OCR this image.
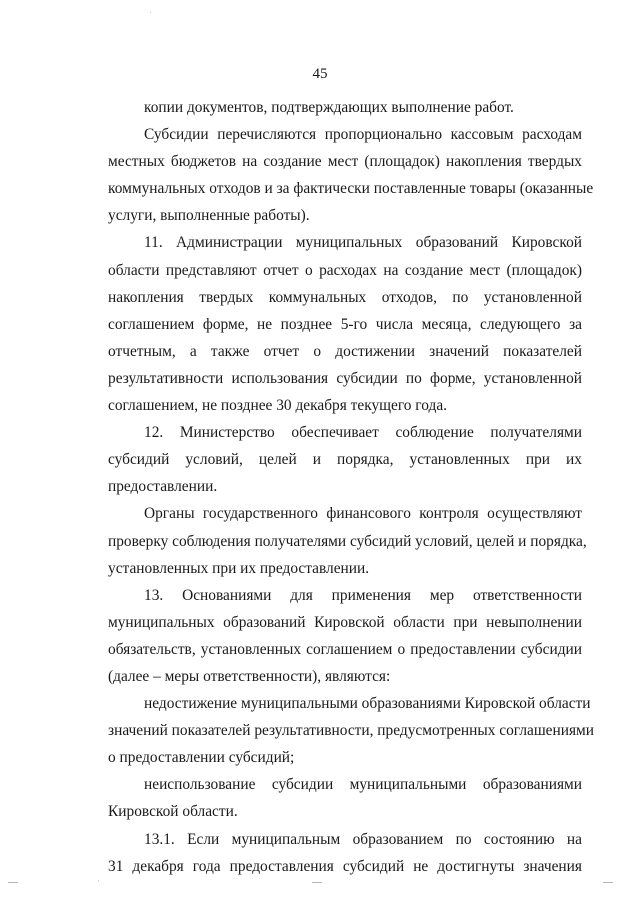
45
копии документов, подтверждающих выполнение работ.
Субсидии перечисляются пропорционально кассовым расходам
местных бюджетов на создание мест (площадок) накопления твердых
коммунальных отходов и за фактически поставленные товары (оказанные
услуги, выполненные работы).
11. Администрации муниципальных образований Кировской
области представляют отчет о расходах на создание мест (площадок)
накопления твердых коммунальных отходов, по установленной
соглашением форме, не позднее 5-го числа месяца, следующего за
отчетным, а также отчет о достижении значений показателей
результативности использования субсидии по форме, установленной
соглашением, не позднее 30 декабря текущего года.
12. Министерство обеспечивает соблюдение получателями
субсидий условий, целей и порядка, установленных при их
предоставлении.
Органы государственного финансового контроля осуществляют
проверку соблюдения получателями субсидий условий, целей и порядка,
установленных при их предоставлении.
13. Основаниями для применения мер ответственности
муниципальных образований Кировской области при невыполнении
обязательств, установленных соглашением о предоставлении субсидии
(далее – меры ответственности), являются:
недостижение муниципальными образованиями Кировской области
значений показателей результативности, предусмотренных соглашениями
о предоставлении субсидий;
неиспользование субсидии муниципальными образованиями
Кировской области.
13.1. Если муниципальным образованием по состоянию на
31 декабря года предоставления субсидий не достигнуты значения
